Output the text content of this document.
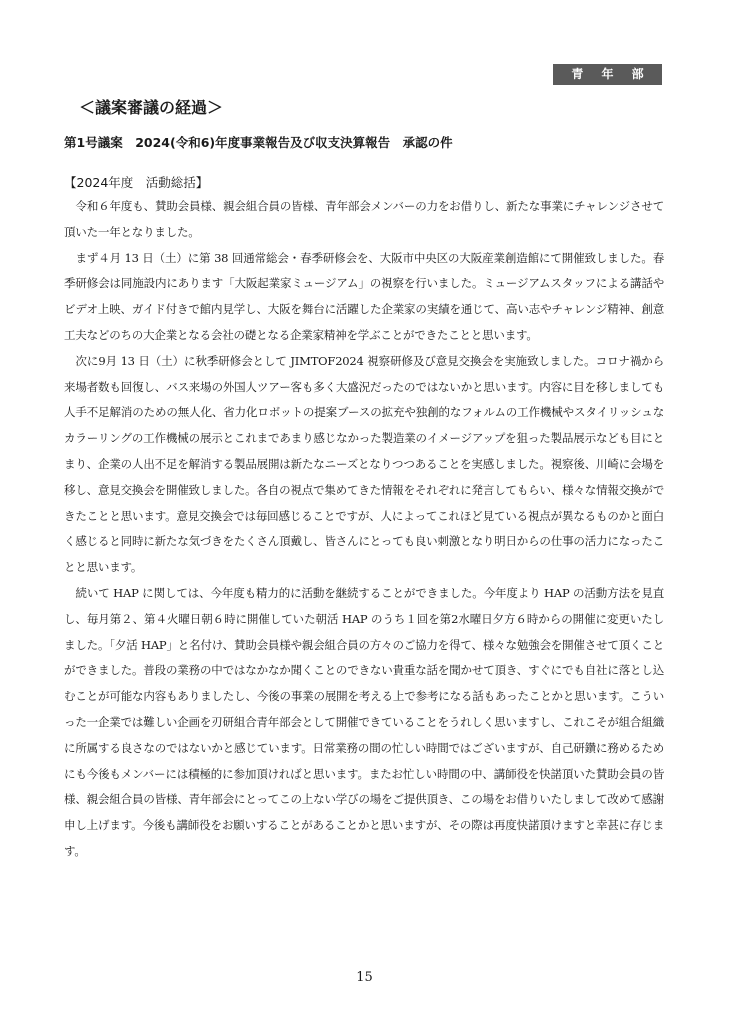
青 年 部 会
＜議案審議の経過＞
第1号議案　2024(令和6)年度事業報告及び収支決算報告　承認の件
【2024年度　活動総括】

令和６年度も、賛助会員様、親会組合員の皆様、青年部会メンバーの力をお借りし、新たな事業にチャレンジさせて頂いた一年となりました。

まず４月 13 日（土）に第 38 回通常総会・春季研修会を、大阪市中央区の大阪産業創造館にて開催致しました。春季研修会は同施設内にあります「大阪起業家ミュージアム」の視察を行いました。ミュージアムスタッフによる講話やビデオ上映、ガイド付きで館内見学し、大阪を舞台に活躍した企業家の実績を通じて、高い志やチャレンジ精神、創意工夫などのちの大企業となる会社の礎となる企業家精神を学ぶことができたことと思います。

次に9月 13 日（土）に秋季研修会として JIMTOF2024 視察研修及び意見交換会を実施致しました。コロナ禍から来場者数も回復し、バス来場の外国人ツアー客も多く大盛況だったのではないかと思います。内容に目を移しましても人手不足解消のための無人化、省力化ロボットの提案ブースの拡充や独創的なフォルムの工作機械やスタイリッシュなカラーリングの工作機械の展示とこれまであまり感じなかった製造業のイメージアップを狙った製品展示なども目にとまり、企業の人出不足を解消する製品展開は新たなニーズとなりつつあることを実感しました。視察後、川崎に会場を移し、意見交換会を開催致しました。各自の視点で集めてきた情報をそれぞれに発言してもらい、様々な情報交換ができたことと思います。意見交換会では毎回感じることですが、人によってこれほど見ている視点が異なるものかと面白く感じると同時に新たな気づきをたくさん頂戴し、皆さんにとっても良い刺激となり明日からの仕事の活力になったことと思います。

続いて HAP に関しては、今年度も精力的に活動を継続することができました。今年度より HAP の活動方法を見直し、毎月第２、第４火曜日朝６時に開催していた朝活 HAP のうち１回を第2水曜日夕方６時からの開催に変更いたしました。「夕活 HAP」と名付け、賛助会員様や親会組合員の方々のご協力を得て、様々な勉強会を開催させて頂くことができました。普段の業務の中ではなかなか聞くことのできない貴重な話を聞かせて頂き、すぐにでも自社に落とし込むことが可能な内容もありましたし、今後の事業の展開を考える上で参考になる話もあったことかと思います。こういった一企業では難しい企画を刃研組合青年部会として開催できていることをうれしく思いますし、これこそが組合組織に所属する良さなのではないかと感じています。日常業務の間の忙しい時間ではございますが、自己研鑽に務めるためにも今後もメンバーには積極的に参加頂ければと思います。またお忙しい時間の中、講師役を快諾頂いた賛助会員の皆様、親会組合員の皆様、青年部会にとってこの上ない学びの場をご提供頂き、この場をお借りいたしまして改めて感謝申し上げます。今後も講師役をお願いすることがあることかと思いますが、その際は再度快諾頂けますと幸甚に存じます。

15
